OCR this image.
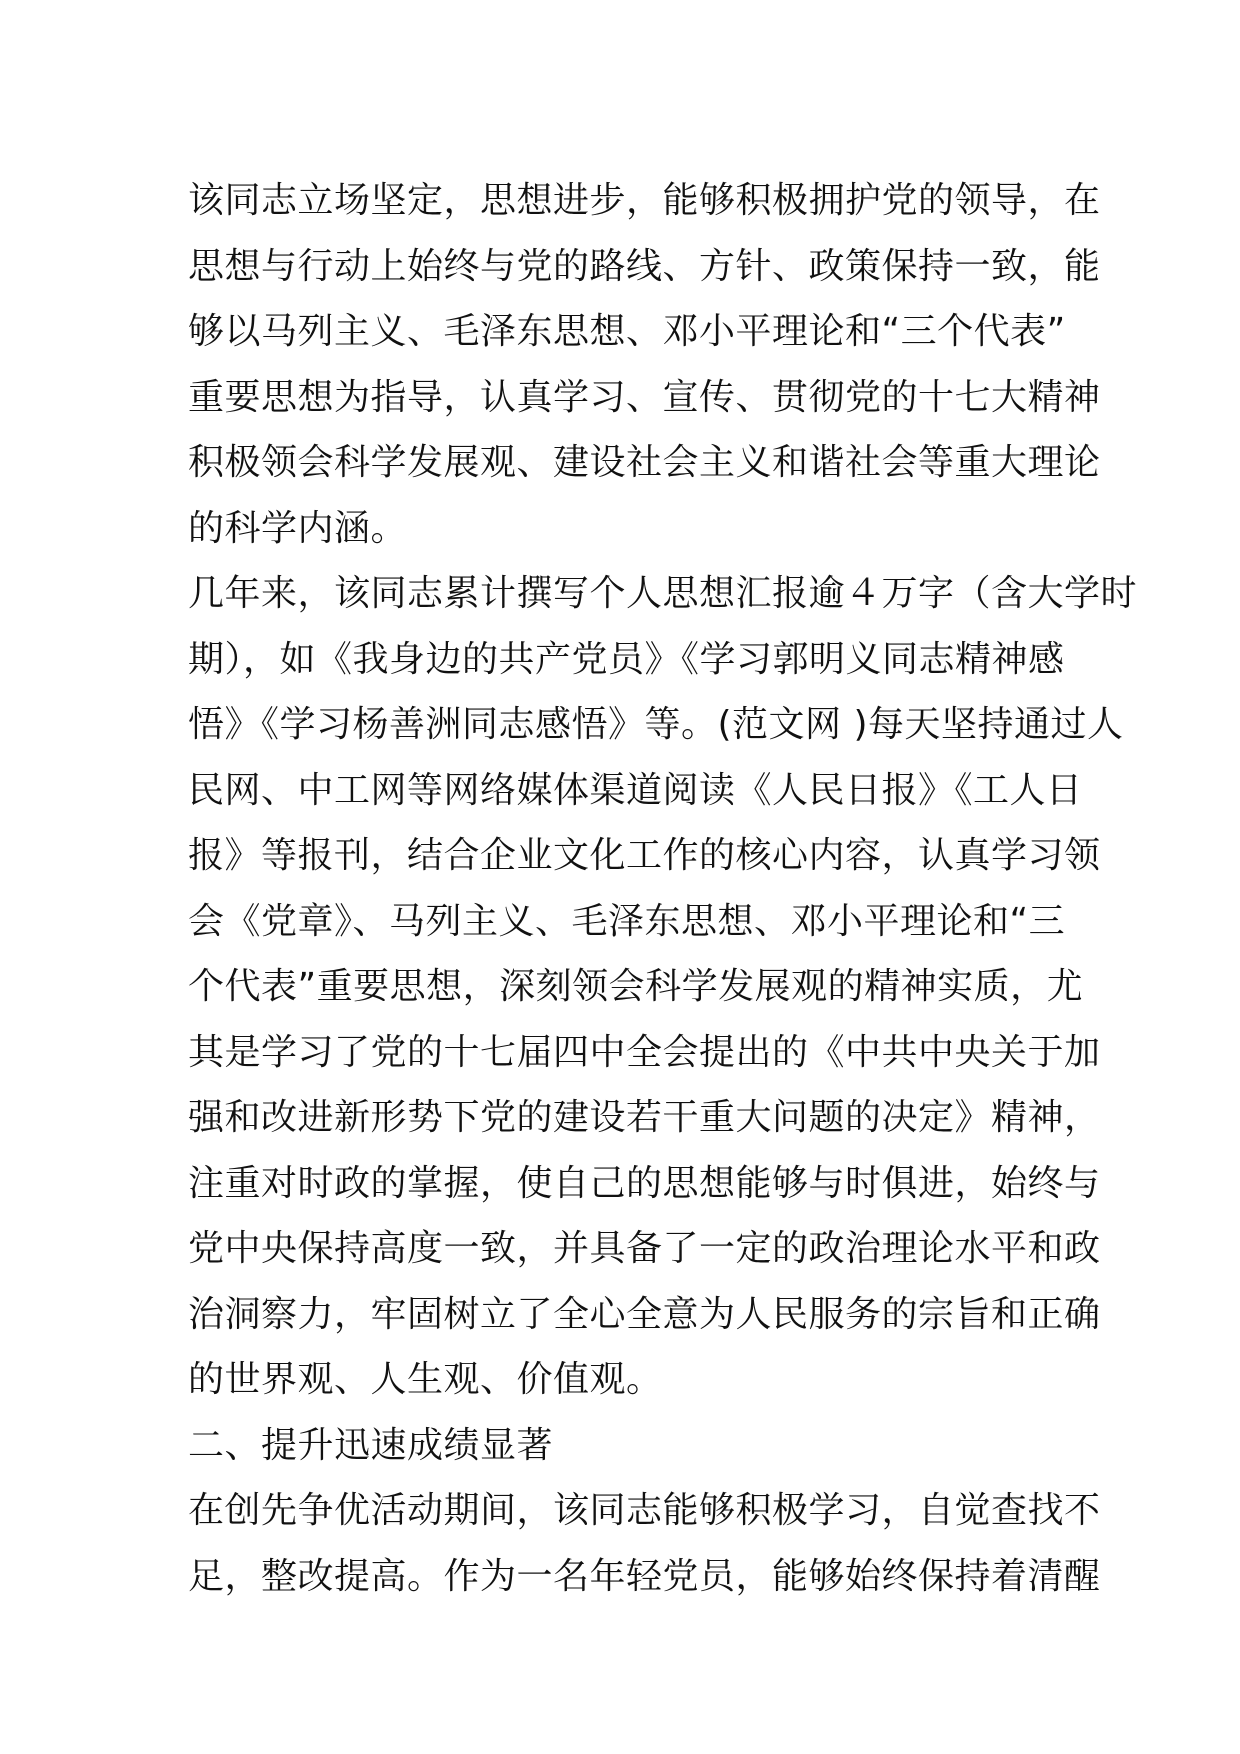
该同志立场坚定，思想进步，能够积极拥护党的领导，在
思想与行动上始终与党的路线、方针、政策保持一致，能
够以马列主义、毛泽东思想、邓小平理论和“三个代表”
重要思想为指导，认真学习、宣传、贯彻党的十七大精神
积极领会科学发展观、建设社会主义和谐社会等重大理论
的科学内涵。
几年来，该同志累计撰写个人思想汇报逾４万字（含大学时
期），如《我身边的共产党员》《学习郭明义同志精神感
悟》《学习杨善洲同志感悟》等。(范文网 )每天坚持通过人
民网、中工网等网络媒体渠道阅读《人民日报》《工人日
报》等报刊，结合企业文化工作的核心内容，认真学习领
会《党章》、马列主义、毛泽东思想、邓小平理论和“三
个代表”重要思想，深刻领会科学发展观的精神实质，尤
其是学习了党的十七届四中全会提出的《中共中央关于加
强和改进新形势下党的建设若干重大问题的决定》精神，
注重对时政的掌握，使自己的思想能够与时俱进，始终与
党中央保持高度一致，并具备了一定的政治理论水平和政
治洞察力，牢固树立了全心全意为人民服务的宗旨和正确
的世界观、人生观、价值观。
二、提升迅速成绩显著
在创先争优活动期间，该同志能够积极学习，自觉查找不
足，整改提高。作为一名年轻党员，能够始终保持着清醒
